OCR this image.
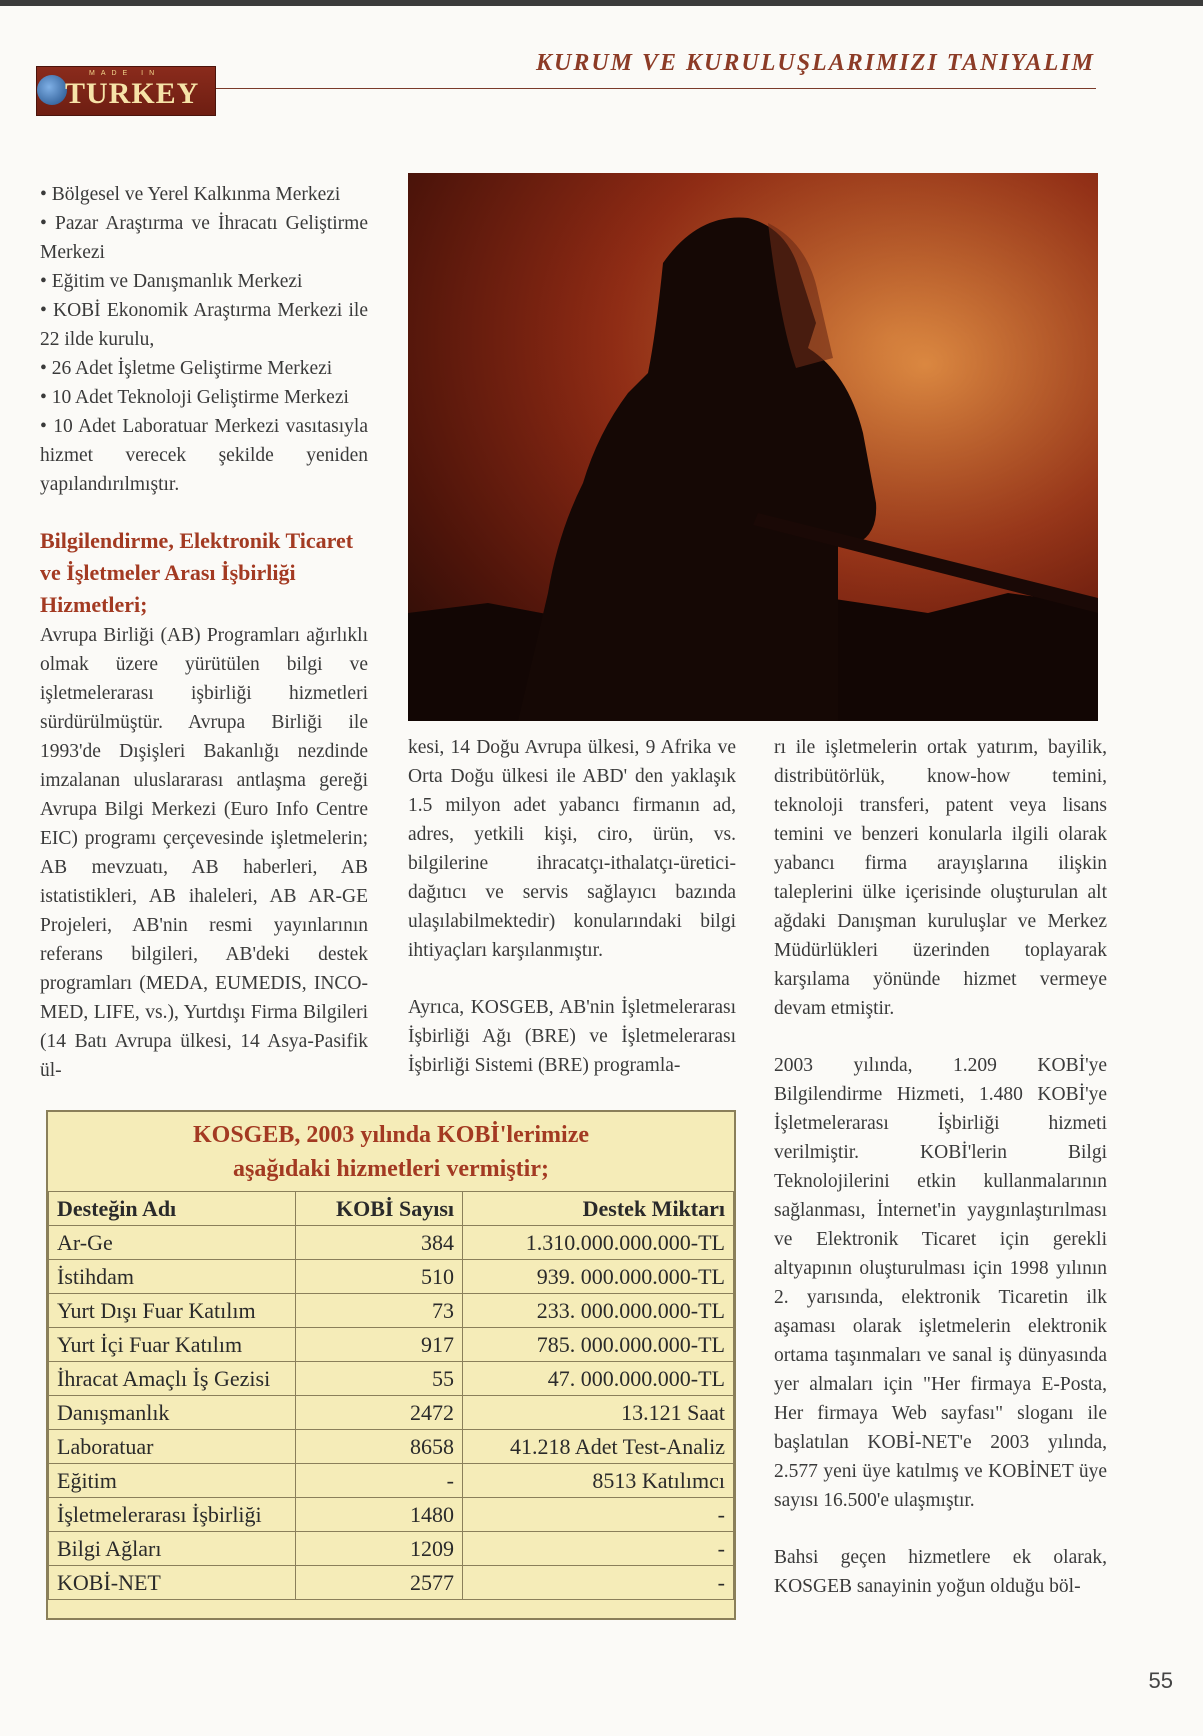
MADE IN
TURKEY
KURUM VE KURULUŞLARIMIZI TANIYALIM

• Bölgesel ve Yerel Kalkınma Merkezi

• Pazar Araştırma ve İhracatı Geliştirme Merkezi

• Eğitim ve Danışmanlık Merkezi

• KOBİ Ekonomik Araştırma Merkezi ile 22 ilde kurulu,

• 26 Adet İşletme Geliştirme Merkezi

• 10 Adet Teknoloji Geliştirme Merkezi

• 10 Adet Laboratuar Merkezi vasıtasıyla hizmet verecek şekilde yeniden yapılandırılmıştır.

Bilgilendirme, Elektronik Ticaret ve İşletmeler Arası İşbirliği Hizmetleri;

Avrupa Birliği (AB) Programları ağırlıklı olmak üzere yürütülen bilgi ve işletmelerarası işbirliği hizmetleri sürdürülmüştür. Avrupa Birliği ile 1993'de Dışişleri Bakanlığı nezdinde imzalanan uluslararası antlaşma gereği Avrupa Bilgi Merkezi (Euro Info Centre EIC) programı çerçevesinde işletmelerin; AB mevzuatı, AB haberleri, AB istatistikleri, AB ihaleleri, AB AR-GE Projeleri, AB'nin resmi yayınlarının referans bilgileri, AB'deki destek programları (MEDA, EUMEDIS, INCO-MED, LIFE, vs.), Yurtdışı Firma Bilgileri (14 Batı Avrupa ülkesi, 14 Asya-Pasifik ül-

kesi, 14 Doğu Avrupa ülkesi, 9 Afrika ve Orta Doğu ülkesi ile ABD' den yaklaşık 1.5 milyon adet yabancı firmanın ad, adres, yetkili kişi, ciro, ürün, vs. bilgilerine ihracatçı-ithalatçı-üretici-dağıtıcı ve servis sağlayıcı bazında ulaşılabilmektedir) konularındaki bilgi ihtiyaçları karşılanmıştır.

Ayrıca, KOSGEB, AB'nin İşletmelerarası İşbirliği Ağı (BRE) ve İşletmelerarası İşbirliği Sistemi (BRE) programla-

rı ile işletmelerin ortak yatırım, bayilik, distribütörlük, know-how temini, teknoloji transferi, patent veya lisans temini ve benzeri konularla ilgili olarak yabancı firma arayışlarına ilişkin taleplerini ülke içerisinde oluşturulan alt ağdaki Danışman kuruluşlar ve Merkez Müdürlükleri üzerinden toplayarak karşılama yönünde hizmet vermeye devam etmiştir.

2003 yılında, 1.209 KOBİ'ye Bilgilendirme Hizmeti, 1.480 KOBİ'ye İşletmelerarası İşbirliği hizmeti verilmiştir. KOBİ'lerin Bilgi Teknolojilerini etkin kullanmalarının sağlanması, İnternet'in yaygınlaştırılması ve Elektronik Ticaret için gerekli altyapının oluşturulması için 1998 yılının 2. yarısında, elektronik Ticaretin ilk aşaması olarak işletmelerin elektronik ortama taşınmaları ve sanal iş dünyasında yer almaları için "Her firmaya E-Posta, Her firmaya Web sayfası" sloganı ile başlatılan KOBİ-NET'e 2003 yılında, 2.577 yeni üye katılmış ve KOBİNET üye sayısı 16.500'e ulaşmıştır.

Bahsi geçen hizmetlere ek olarak, KOSGEB sanayinin yoğun olduğu böl-

KOSGEB, 2003 yılında KOBİ'lerimize
aşağıdaki hizmetleri vermiştir;
Desteğin Adı	KOBİ Sayısı	Destek Miktarı
Ar-Ge	384	1.310.000.000.000-TL
İstihdam	510	939. 000.000.000-TL
Yurt Dışı Fuar Katılım	73	233. 000.000.000-TL
Yurt İçi Fuar Katılım	917	785. 000.000.000-TL
İhracat Amaçlı İş Gezisi	55	47. 000.000.000-TL
Danışmanlık	2472	13.121 Saat
Laboratuar	8658	41.218 Adet Test-Analiz
Eğitim	-	8513 Katılımcı
İşletmelerarası İşbirliği	1480	-
Bilgi Ağları	1209	-
KOBİ-NET	2577	-
55
